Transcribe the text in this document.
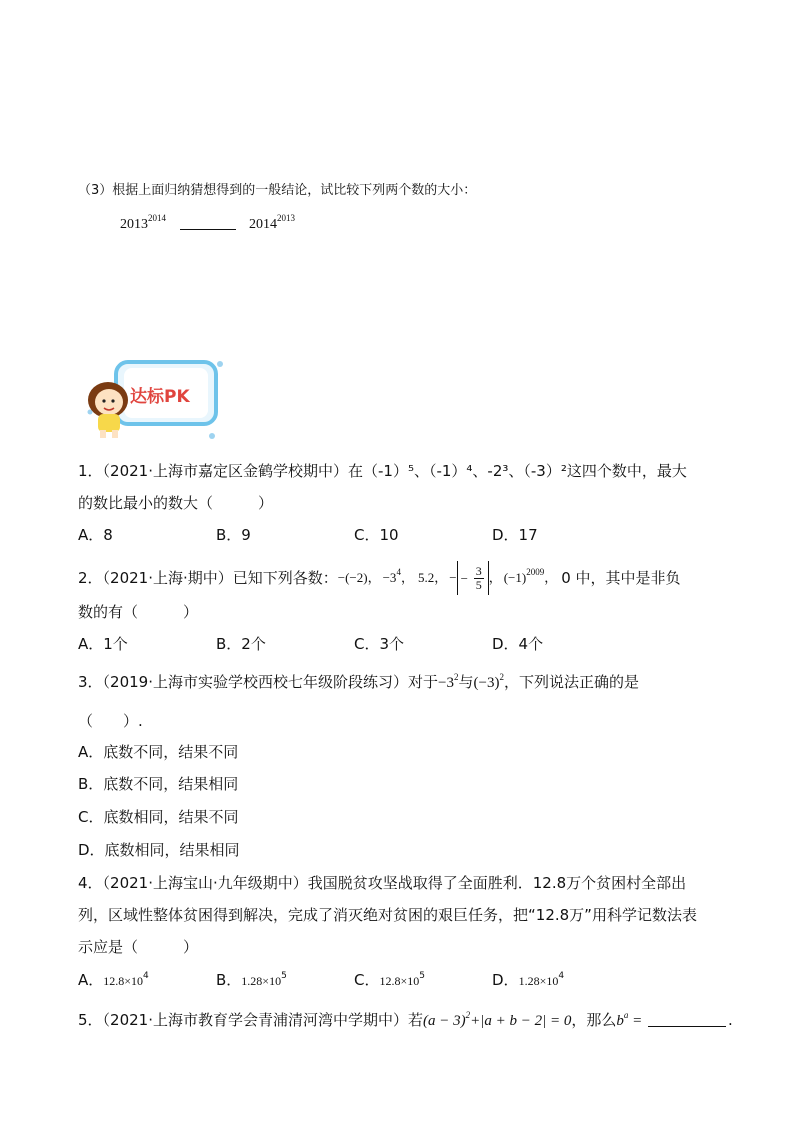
（3）根据上面归纳猜想得到的一般结论，试比较下列两个数的大小：
$2013^{2014}$	$2014^{2013}$
达标PK
1．（2021·上海市嘉定区金鹤学校期中）在（-1）⁵、（-1）⁴、-2³、（-3）²这四个数中，最大
的数比最小的数大（　　　）
A．8	B．9	C．10	D．17
2．（2021·上海·期中）已知下列各数： −(−2)， $-3^4$， 5.2， − − $\frac{3}{5}$ ， $(-1)^{2009}$， 0 中，其中是非负
数的有（　　　）
A．1个	B．2个	C．3个	D．4个
3．（2019·上海市实验学校西校七年级阶段练习）对于$-3^2$与$(-3)^2$，下列说法正确的是
（　　）.
A．底数不同，结果不同
B．底数不同，结果相同
C．底数相同，结果不同
D．底数相同，结果相同
4．（2021·上海宝山·九年级期中）我国脱贫攻坚战取得了全面胜利．12.8万个贫困村全部出
列，区域性整体贫困得到解决，完成了消灭绝对贫困的艰巨任务，把“12.8万”用科学记数法表
示应是（　　　）
A．$12.8\times 10^4$	B．$1.28\times 10^5$	C．$12.8\times 10^5$	D．$1.28\times 10^4$
5．（2021·上海市教育学会青浦清河湾中学期中）若$(a - 3)^2+|a + b - 2| = 0$，那么$b^a$ =	.
